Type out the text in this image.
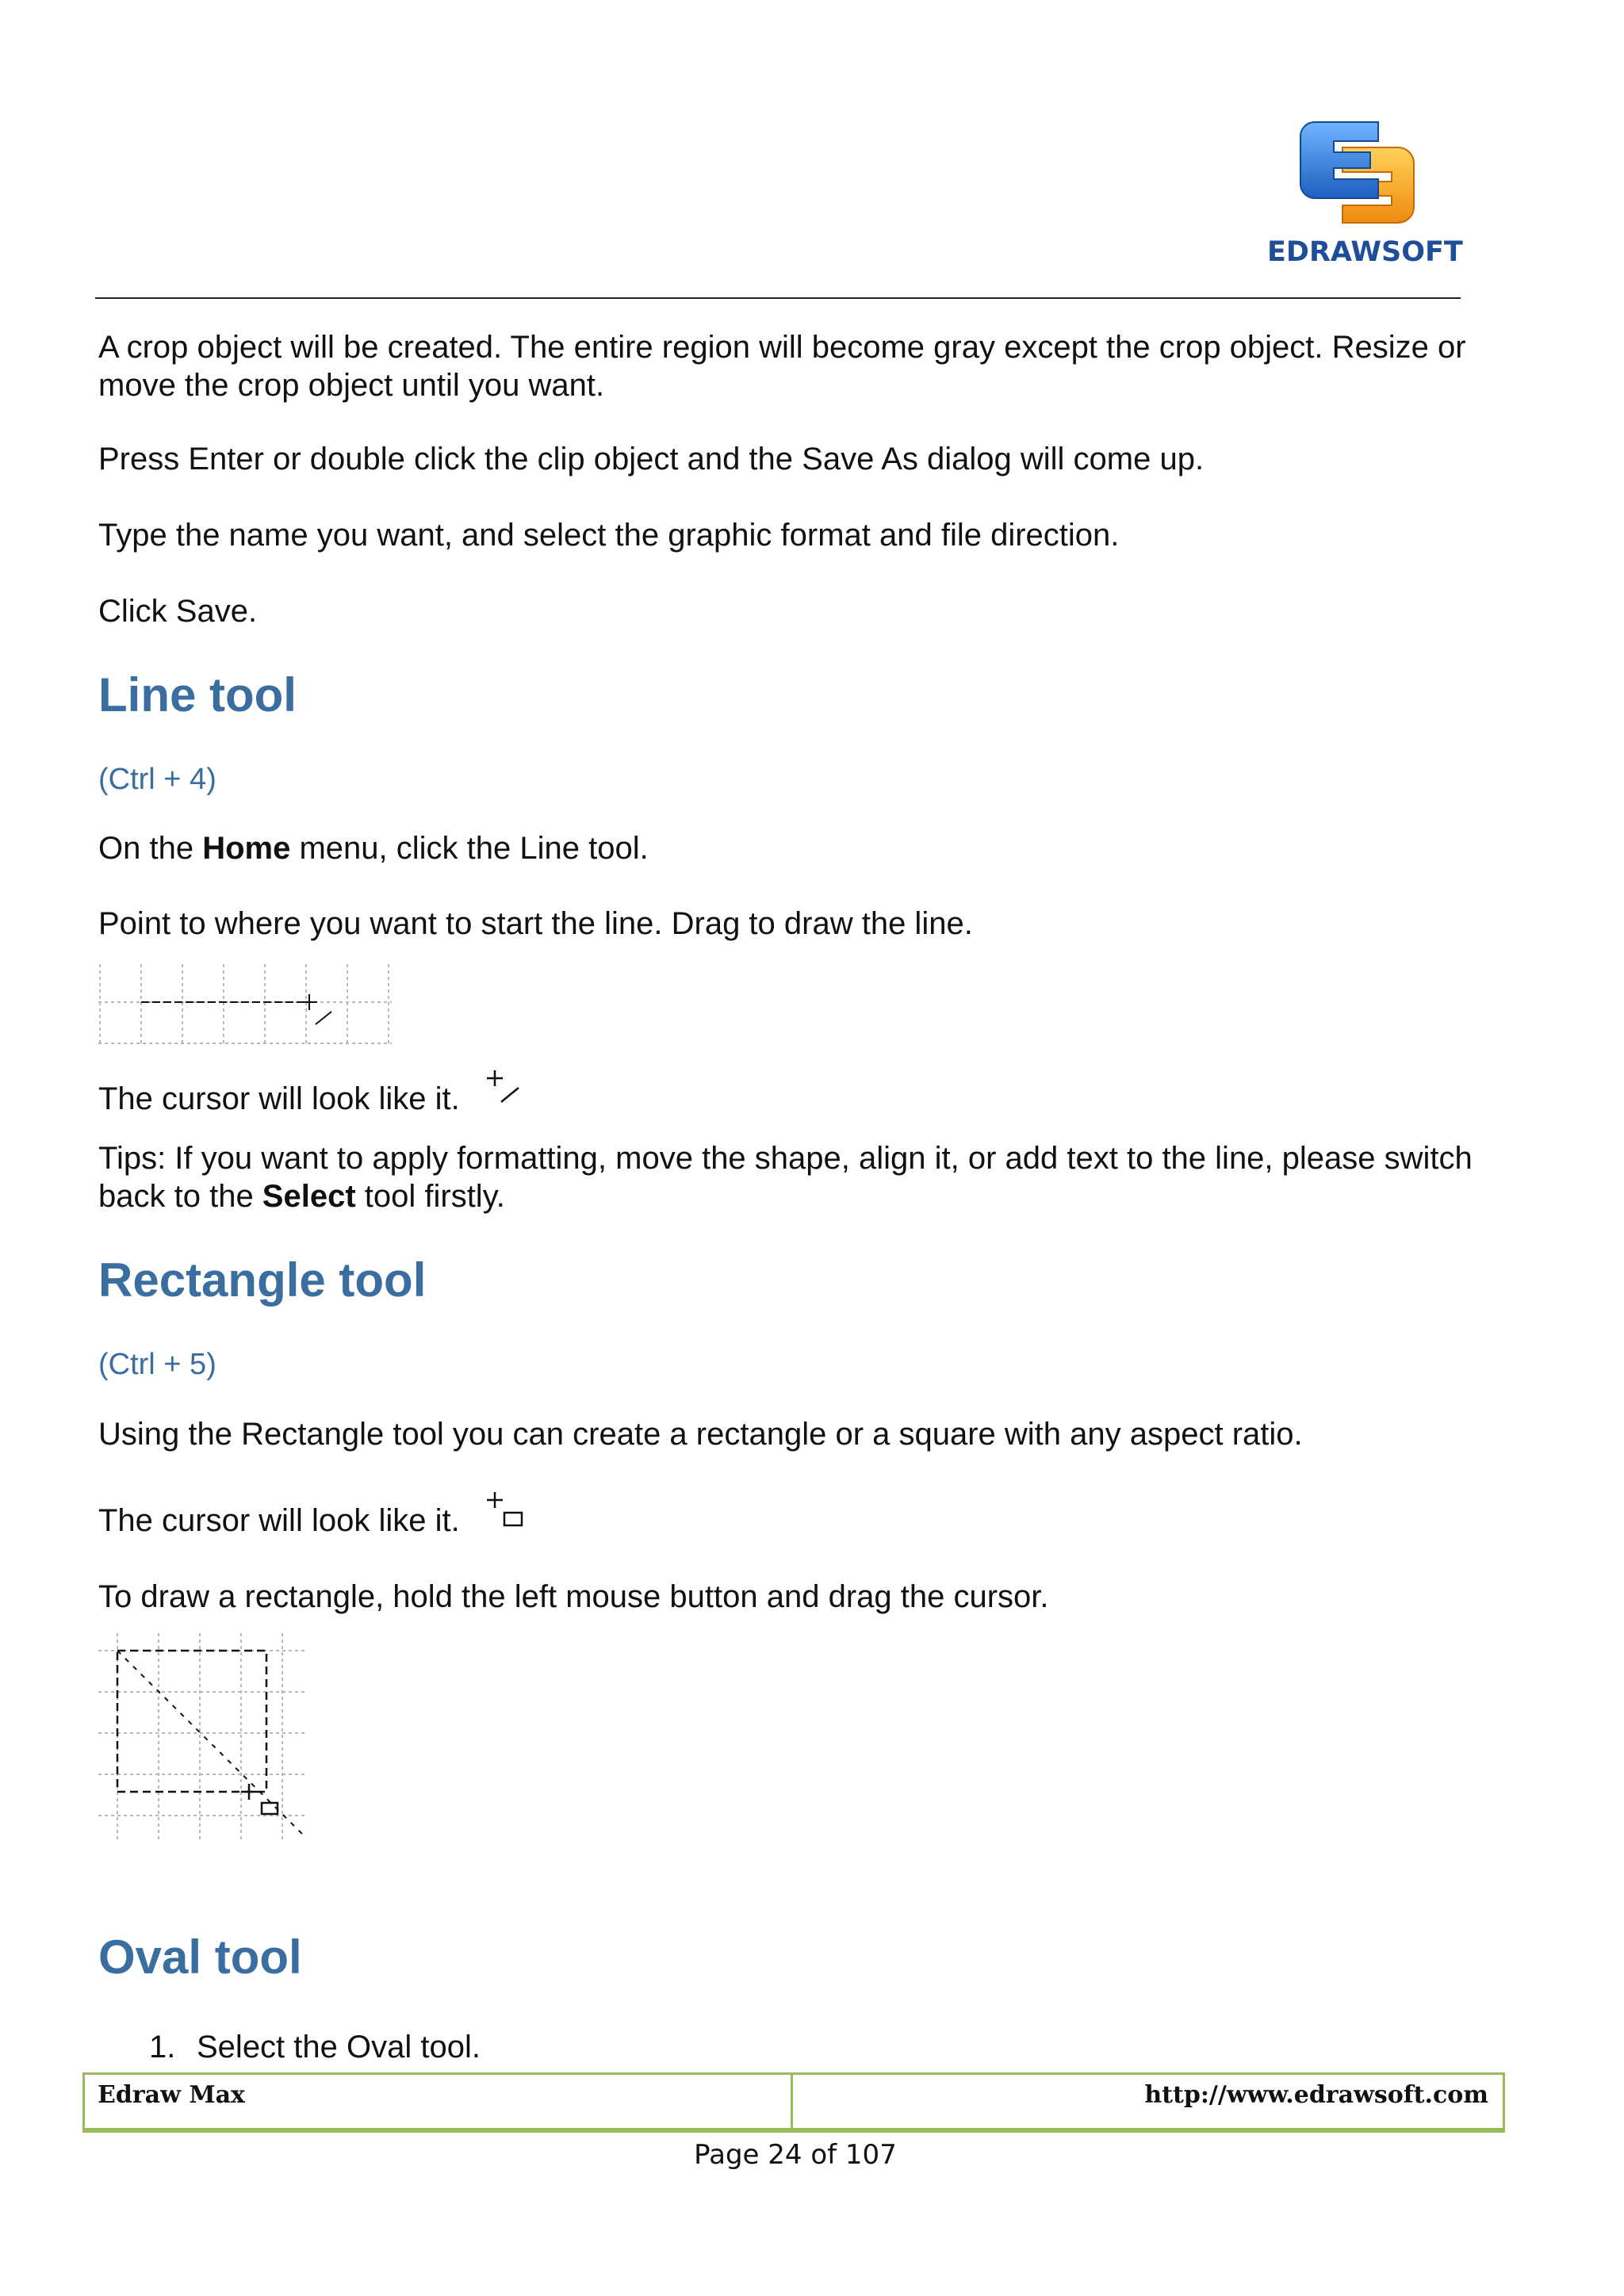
EDRAWSOFT
A crop object will be created. The entire region will become gray except the crop object. Resize or move the crop object until you want.
Press Enter or double click the clip object and the Save As dialog will come up.
Type the name you want, and select the graphic format and file direction.
Click Save.
Line tool
(Ctrl + 4)
On the Home menu, click the Line tool.
Point to where you want to start the line. Drag to draw the line.
The cursor will look like it.
Tips: If you want to apply formatting, move the shape, align it, or add text to the line, please switch back to the Select tool firstly.
Rectangle tool
(Ctrl + 5)
Using the Rectangle tool you can create a rectangle or a square with any aspect ratio.
The cursor will look like it.
To draw a rectangle, hold the left mouse button and drag the cursor.
Oval tool
1. Select the Oval tool.
Edraw Max	http://www.edrawsoft.com
Page 24 of 107
